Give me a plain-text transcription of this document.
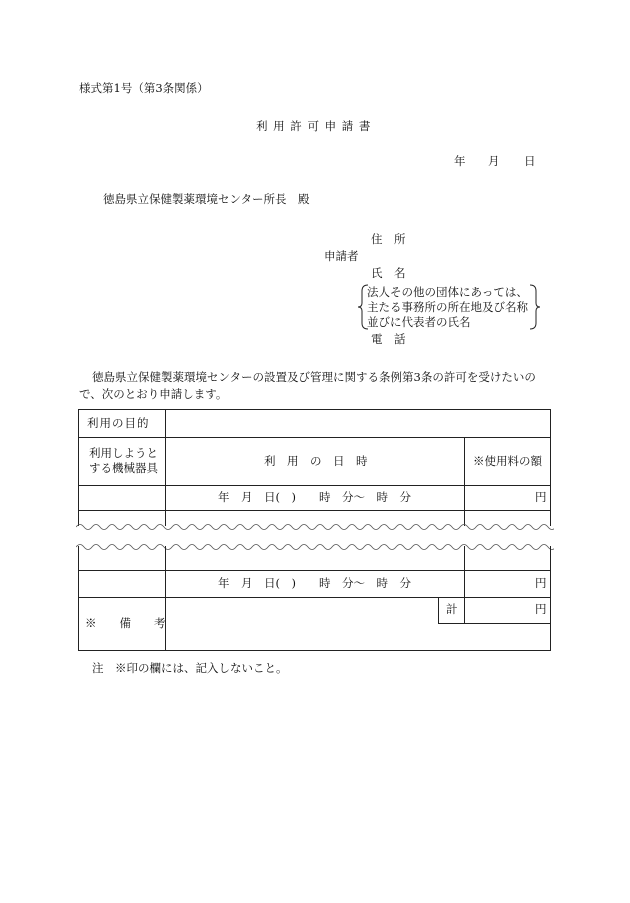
様式第1号（第3条関係）
利 用 許 可 申 請 書
年 月 日
徳島県立保健製薬環境センター所長　殿
住　所
申請者
氏　名
法人その他の団体にあっては、
主たる事務所の所在地及び名称
並びに代表者の氏名
電　話
徳島県立保健製薬環境センターの設置及び管理に関する条例第3条の許可を受けたいの
で、次のとおり申請します。
利用の目的
利用しようと
する機械器具	利　用　の　日　時	※使用料の額
年　月　日(　)　　時　分～　時　分	円
年　月　日(　)　　時　分～　時　分	円
計	円
※　　備　　考
注　※印の欄には、記入しないこと。
